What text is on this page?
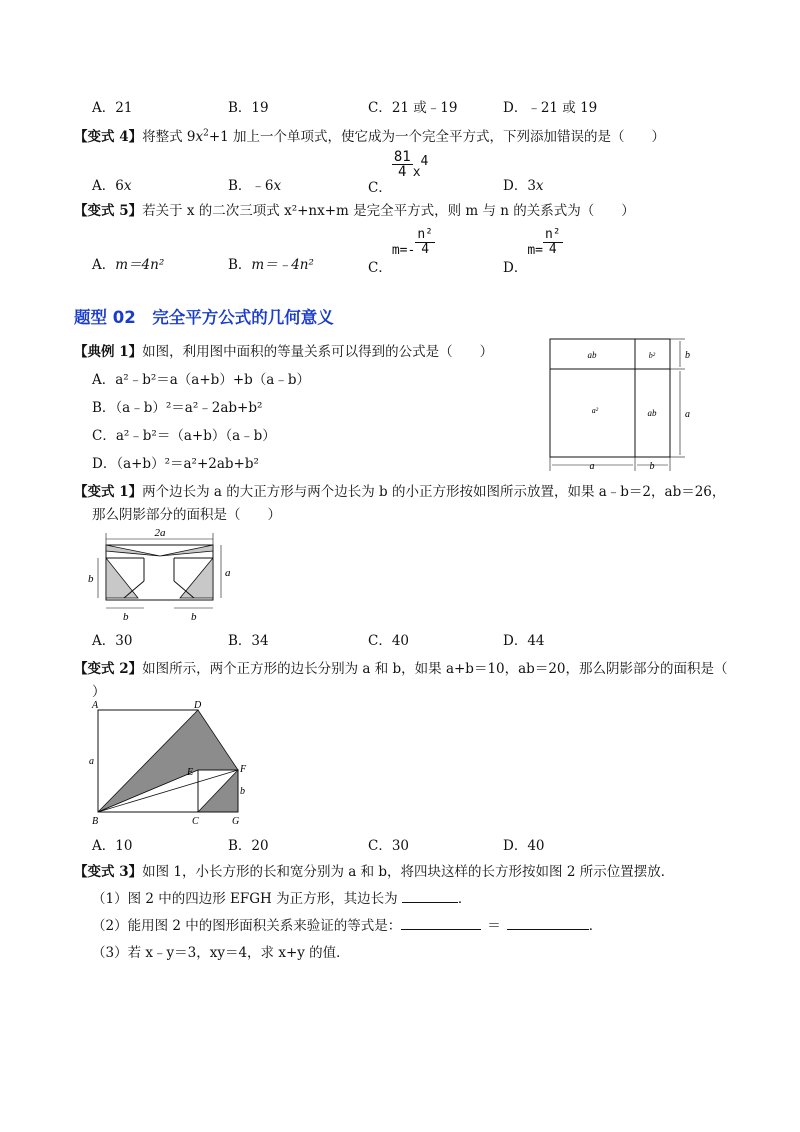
A．21	B．19	C．21 或﹣19	D．﹣21 或 19
【变式 4】将整式 $9x^2+1$ 加上一个单项式，使它成为一个完全平方式，下列添加错误的是（　　）
A．6x	B．﹣6x	C．
$\frac{81}{4} x^4$
D．3x
【变式 5】若关于 x 的二次三项式 x²+nx+m 是完全平方式，则 m 与 n 的关系式为（　　）
A．m＝4n²	B．m＝﹣4n²	C．$m=- \frac{\text{n²}}{4}$
D．$m= \frac{\text{n²}}{4}$
题型 02　完全平方公式的几何意义
【典例 1】如图，利用图中面积的等量关系可以得到的公式是（　　）
A．a²﹣b²＝a（a+b）+b（a﹣b）
B．（a﹣b）²＝a²﹣2ab+b²
C．a²﹣b²＝（a+b）（a﹣b）
D．（a+b）²＝a²+2ab+b²
ab	b²
a²	ab	a
b
a	b
【变式 1】两个边长为 a 的大正方形与两个边长为 b 的小正方形按如图所示放置，如果 a﹣b＝2，ab＝26，
那么阴影部分的面积是（　　）
2a
b	a
b	b
A．30	B．34	C．40	D．44
【变式 2】如图所示，两个正方形的边长分别为 a 和 b，如果 a+b＝10，ab＝20，那么阴影部分的面积是（
）
A	D
B	C	G
E	F
a
b
A．10	B．20	C．30	D．40
【变式 3】如图 1，小长方形的长和宽分别为 a 和 b，将四块这样的长方形按如图 2 所示位置摆放．
（1）图 2 中的四边形 EFGH 为正方形，其边长为	．
（2）能用图 2 中的图形面积关系来验证的等式是：	＝	．
（3）若 x﹣y＝3，xy＝4，求 x+y 的值．
